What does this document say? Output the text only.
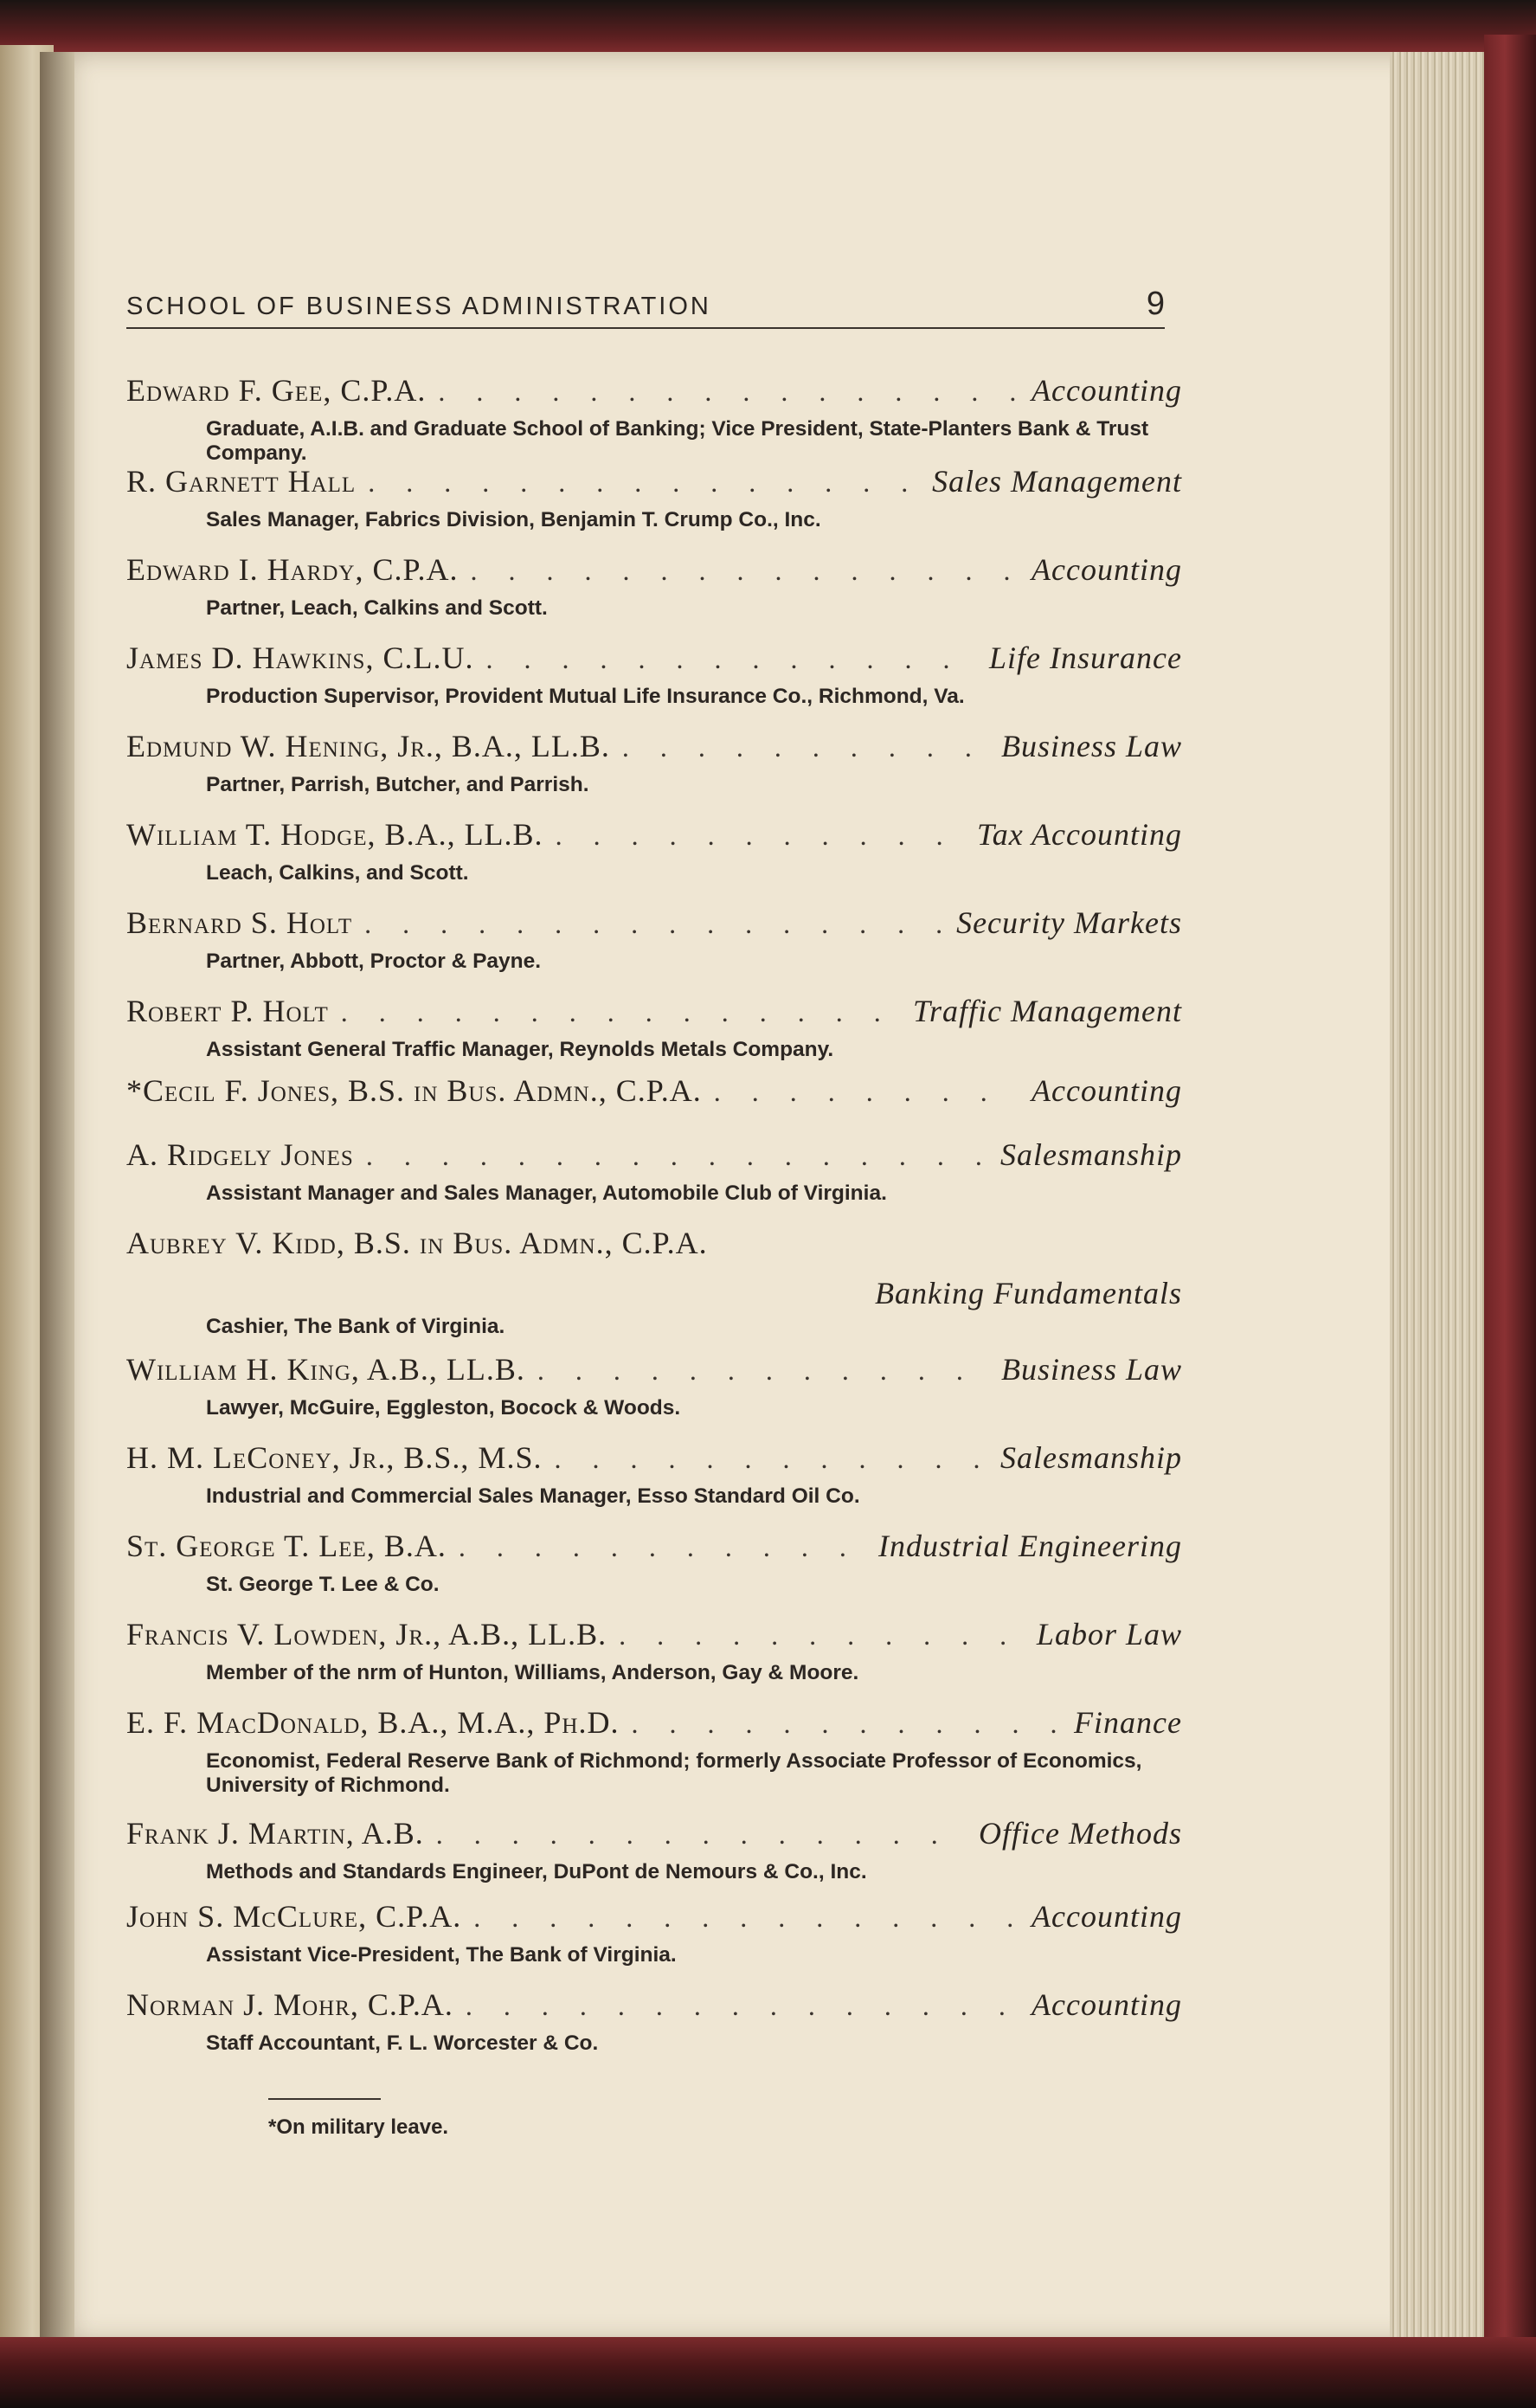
SCHOOL OF BUSINESS ADMINISTRATION	9
Edward F. Gee, C.P.A. . . .	Accounting
Graduate, A.I.B. and Graduate School of Banking; Vice President, State-Planters Bank & Trust Company.
R. Garnett Hall . . .	Sales Management
Sales Manager, Fabrics Division, Benjamin T. Crump Co., Inc.
Edward I. Hardy, C.P.A. . . .	Accounting
Partner, Leach, Calkins and Scott.
James D. Hawkins, C.L.U. . . .	Life Insurance
Production Supervisor, Provident Mutual Life Insurance Co., Richmond, Va.
Edmund W. Hening, Jr., B.A., LL.B. . . .	Business Law
Partner, Parrish, Butcher, and Parrish.
William T. Hodge, B.A., LL.B. . . .	Tax Accounting
Leach, Calkins, and Scott.
Bernard S. Holt . . .	Security Markets
Partner, Abbott, Proctor & Payne.
Robert P. Holt . . .	Traffic Management
Assistant General Traffic Manager, Reynolds Metals Company.
*Cecil F. Jones, B.S. in Bus. Admn., C.P.A. . . .	Accounting
A. Ridgely Jones . . .	Salesmanship
Assistant Manager and Sales Manager, Automobile Club of Virginia.
Aubrey V. Kidd, B.S. in Bus. Admn., C.P.A.
Banking Fundamentals
Cashier, The Bank of Virginia.
William H. King, A.B., LL.B. . . .	Business Law
Lawyer, McGuire, Eggleston, Bocock & Woods.
H. M. LeConey, Jr., B.S., M.S. . . .	Salesmanship
Industrial and Commercial Sales Manager, Esso Standard Oil Co.
St. George T. Lee, B.A. . . .	Industrial Engineering
St. George T. Lee & Co.
Francis V. Lowden, Jr., A.B., LL.B. . . .	Labor Law
Member of the nrm of Hunton, Williams, Anderson, Gay & Moore.
E. F. MacDonald, B.A., M.A., Ph.D. . . .	Finance
Economist, Federal Reserve Bank of Richmond; formerly Associate Professor of Economics, University of Richmond.
Frank J. Martin, A.B. . . .	Office Methods
Methods and Standards Engineer, DuPont de Nemours & Co., Inc.
John S. McClure, C.P.A. . . .	Accounting
Assistant Vice-President, The Bank of Virginia.
Norman J. Mohr, C.P.A. . . .	Accounting
Staff Accountant, F. L. Worcester & Co.
*On military leave.
